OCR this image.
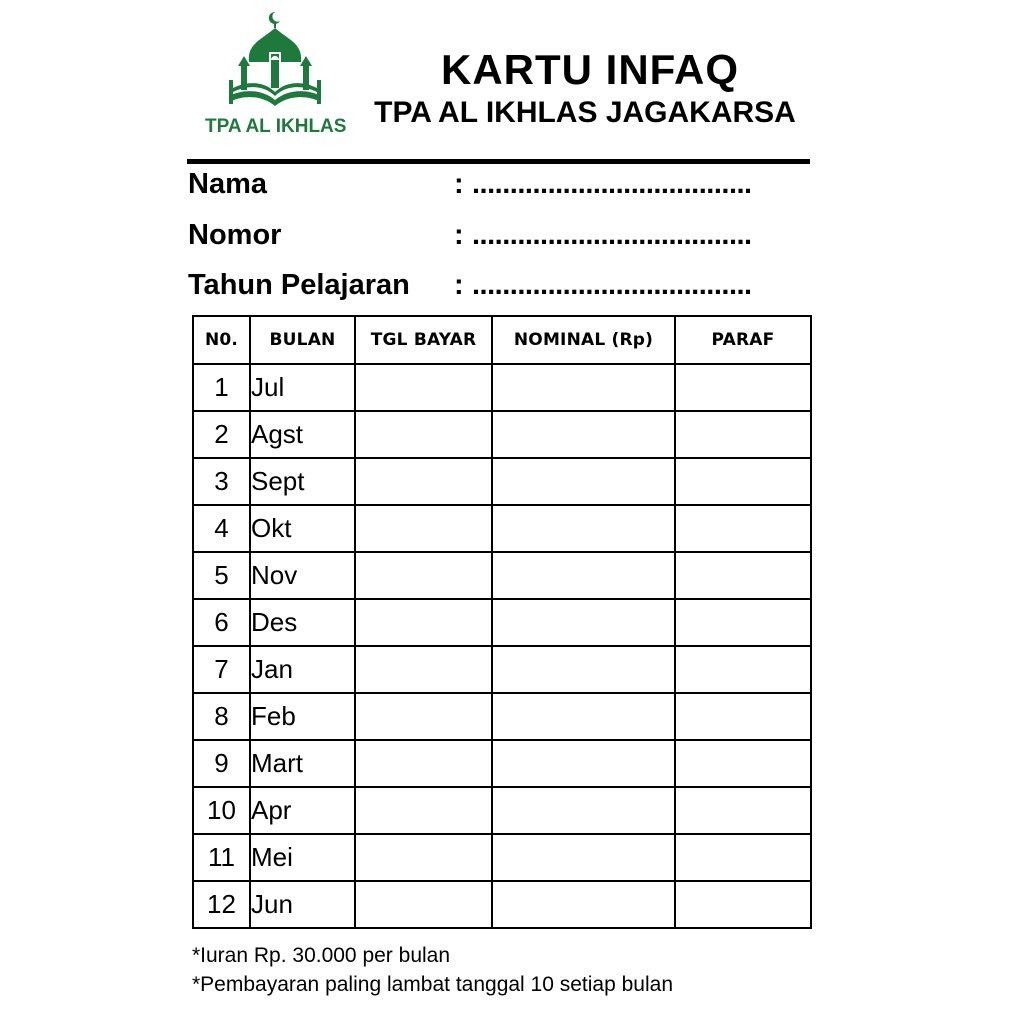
TPA AL IKHLAS
KARTU INFAQ
TPA AL IKHLAS JAGAKARSA
Nama	: .....................................
Nomor	: .....................................
Tahun Pelajaran : .....................................
N0.	BULAN	TGL BAYAR	NOMINAL (Rp)	PARAF
1	Jul			
2	Agst			
3	Sept			
4	Okt			
5	Nov			
6	Des			
7	Jan			
8	Feb			
9	Mart			
10	Apr			
11	Mei			
12	Jun			
*Iuran Rp. 30.000 per bulan
*Pembayaran paling lambat tanggal 10 setiap bulan
